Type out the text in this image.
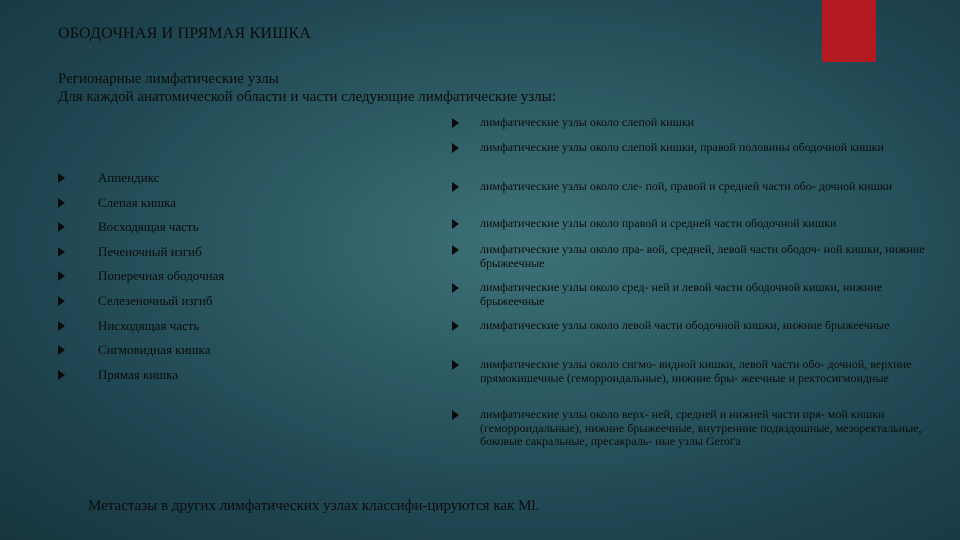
ОБОДОЧНАЯ И ПРЯМАЯ КИШКА
Регионарные лимфатические узлы
Для каждой анатомической области и части следующие лимфатические узлы:
Аппендикс
Слепая кишка
Восходящая часть
Печеночный изгиб
Поперечная ободочная
Селезеночный изгиб
Нисходящая часть
Сигмовидная кишка
Прямая кишка
лимфатические узлы около слепой кишки
лимфатические узлы около слепой кишки, правой половины ободочной кишки
лимфатические узлы около сле- пой, правой и средней части обо- дочной кишки
лимфатические узлы около правой и средней части ободочной кишки
лимфатические узлы около пра- вой, средней, левой части ободоч- ной кишки, нижние брыжеечные
лимфатические узлы около сред- ней и левой части ободочной кишки, нижние брыжеечные
лимфатические узлы около левой части ободочной кишки, нижние брыжеечные
лимфатические узлы около сигмо- видной кишки, левой части обо- дочной, верхние прямокишечные (геморроидальные), нижние бры- жеечные и ректосигмоидные
лимфатические узлы около верх- ней, средней и нижней части пря- мой кишки (геморроидальные), нижние брыжеечные, внутренние подвздошные, мезоректальные, боковые сакральные, пресакраль- ные узлы Gerot'a
Метастазы в других лимфатических узлах классифи-цируются как Ml.
